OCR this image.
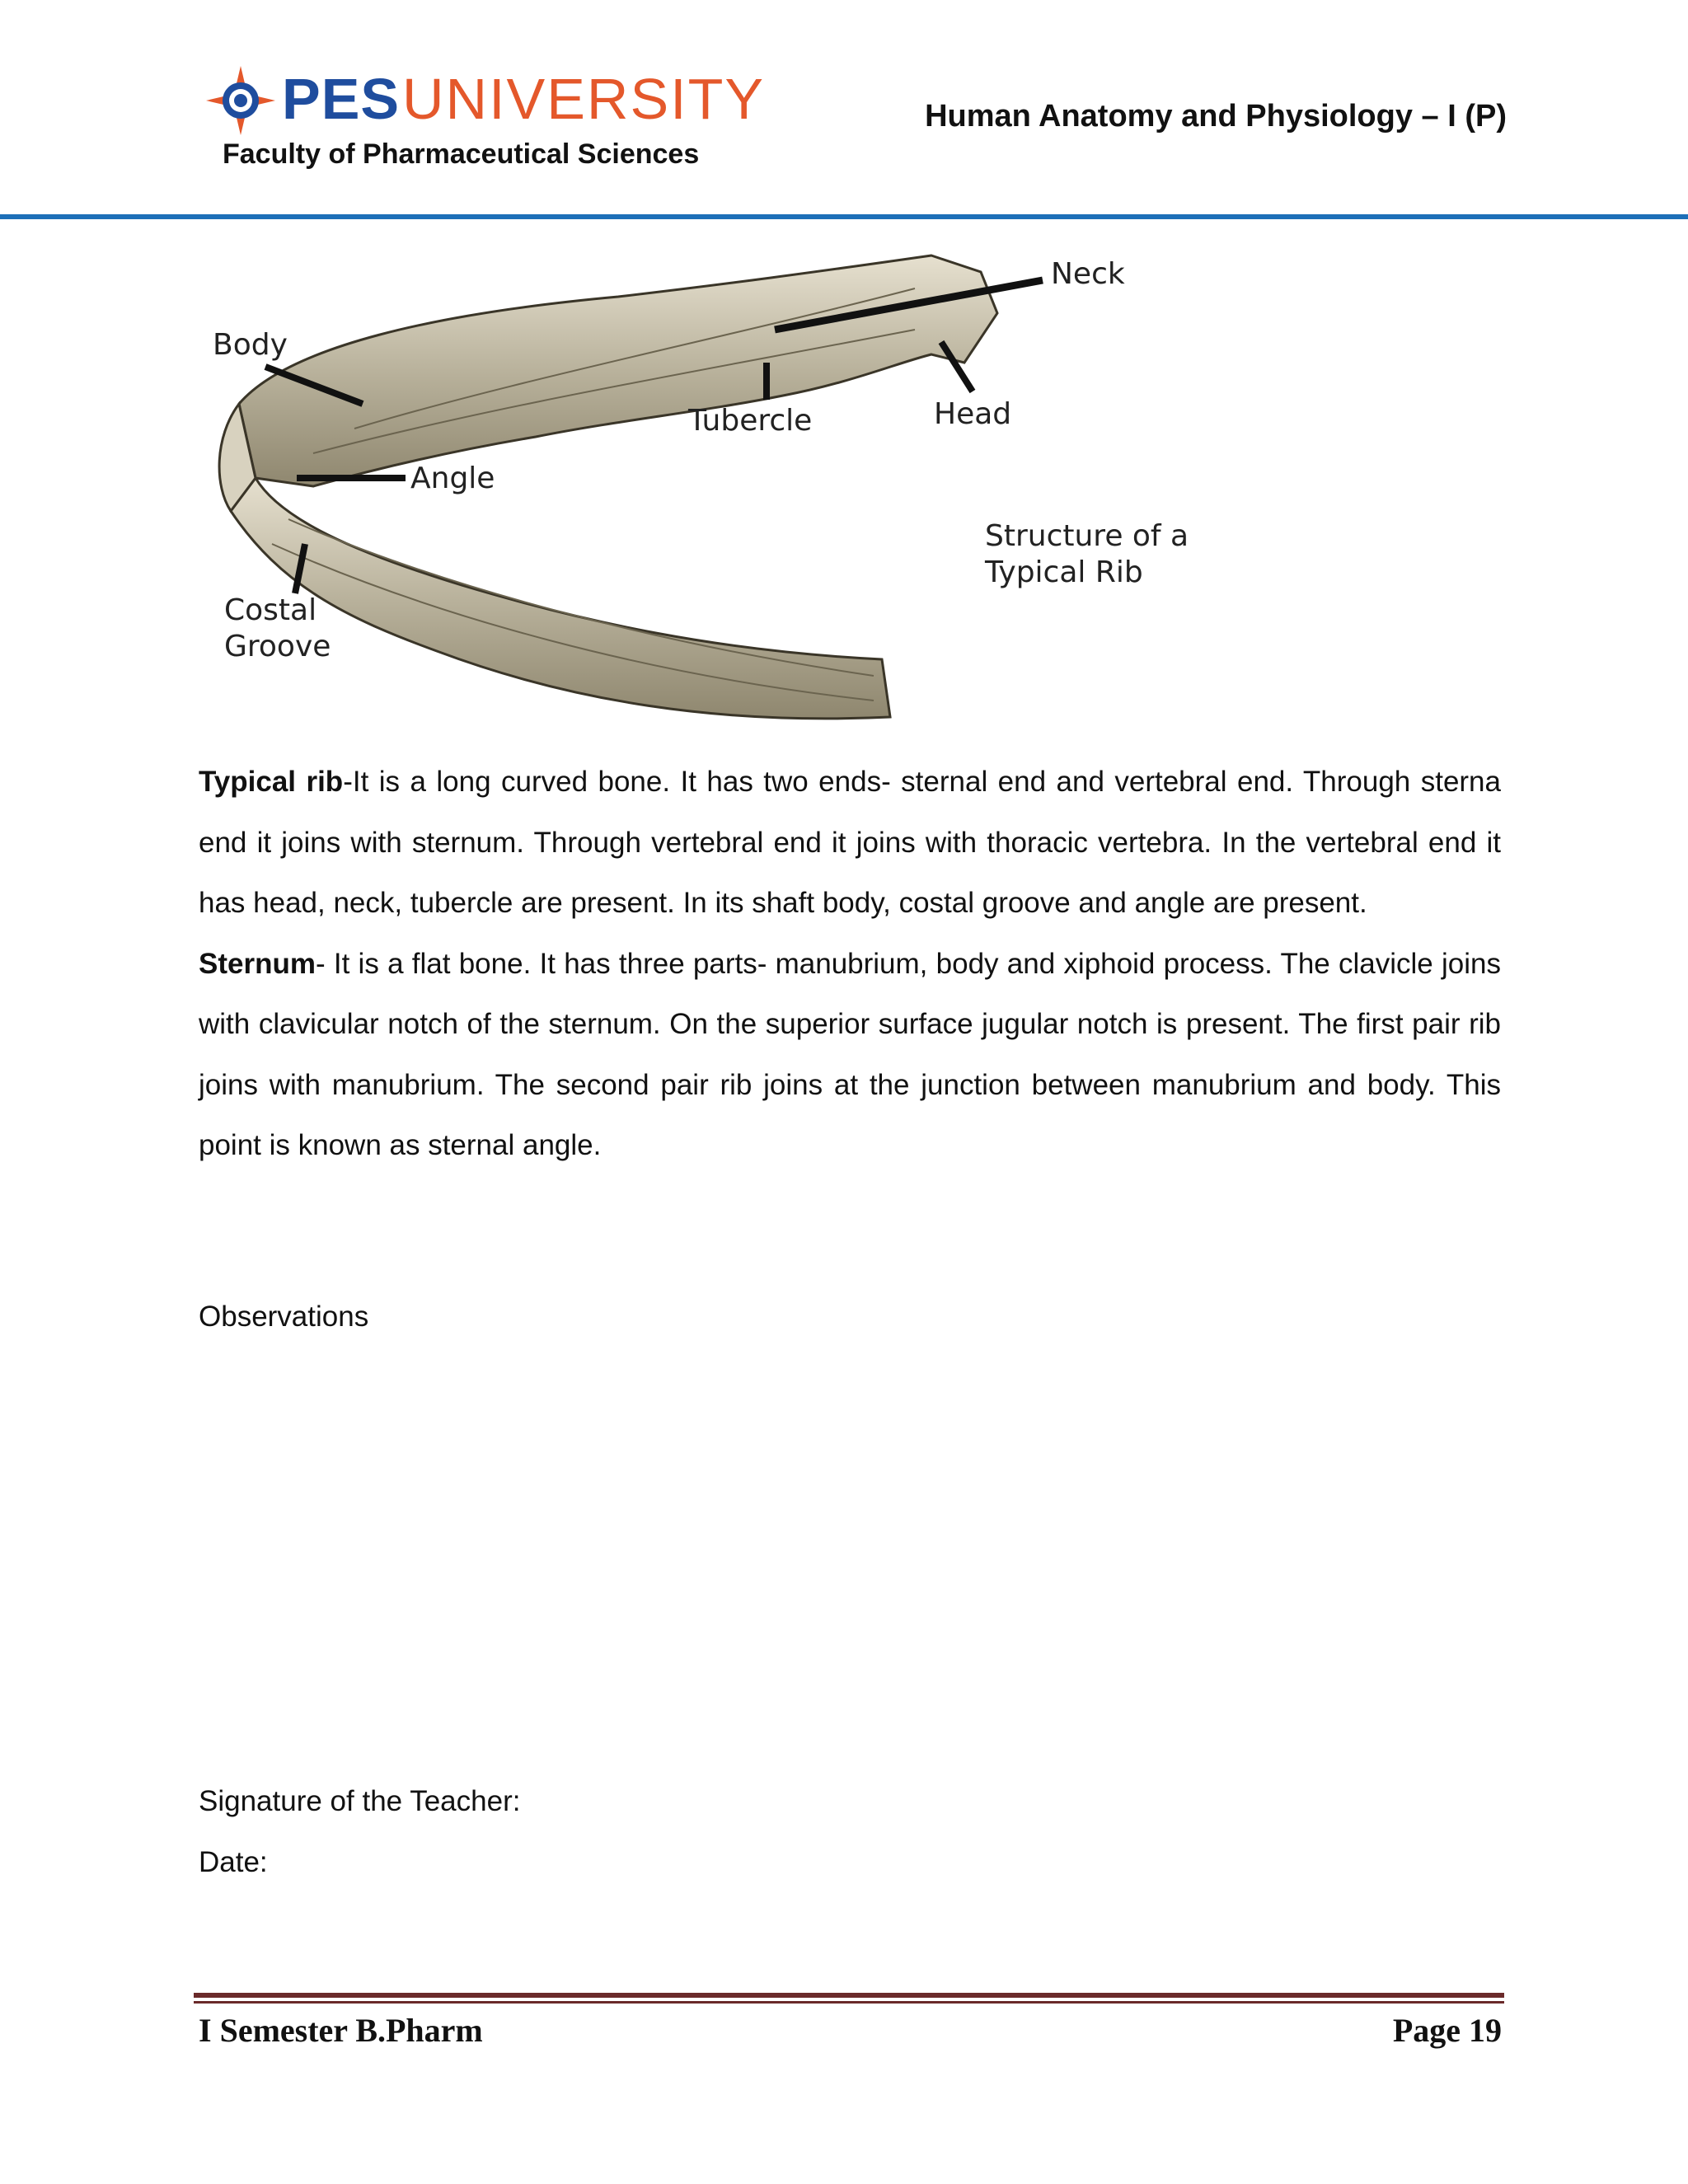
PES UNIVERSITY
Faculty of Pharmaceutical Sciences
Human Anatomy and Physiology – I (P)
Neck
Body
Tubercle	Head
Angle
Costal
Groove
Structure of a
Typical Rib

Typical rib-It is a long curved bone. It has two ends- sternal end and vertebral end. Through sterna end it joins with sternum. Through vertebral end it joins with thoracic vertebra. In the vertebral end it has head, neck, tubercle are present. In its shaft body, costal groove and angle are present.

Sternum- It is a flat bone. It has three parts- manubrium, body and xiphoid process. The clavicle joins with clavicular notch of the sternum. On the superior surface jugular notch is present. The first pair rib joins with manubrium. The second pair rib joins at the junction between manubrium and body. This point is known as sternal angle.

Observations
Signature of the Teacher:
Date:
I Semester B.Pharm	Page 19
